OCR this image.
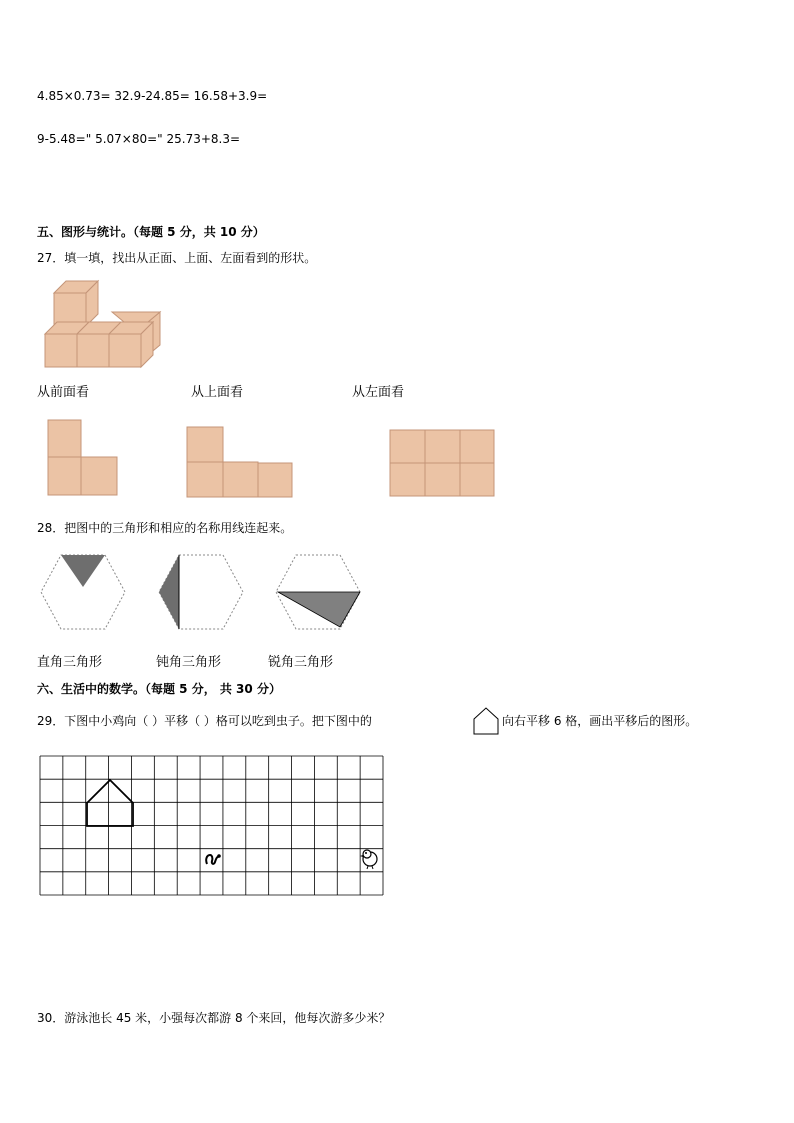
4.85×0.73= 32.9-24.85= 16.58+3.9=
9-5.48=" 5.07×80=" 25.73+8.3=
五、图形与统计。（每题 5 分，共 10 分）
27．填一填，找出从正面、上面、左面看到的形状。
从前面看	从上面看	从左面看
28．把图中的三角形和相应的名称用线连起来。
直角三角形	钝角三角形	锐角三角形
六、生活中的数学。（每题 5 分， 共 30 分）
29．下图中小鸡向（ ）平移（ ）格可以吃到虫子。把下图中的	向右平移 6 格，画出平移后的图形。
30．游泳池长 45 米，小强每次都游 8 个来回，他每次游多少米？
